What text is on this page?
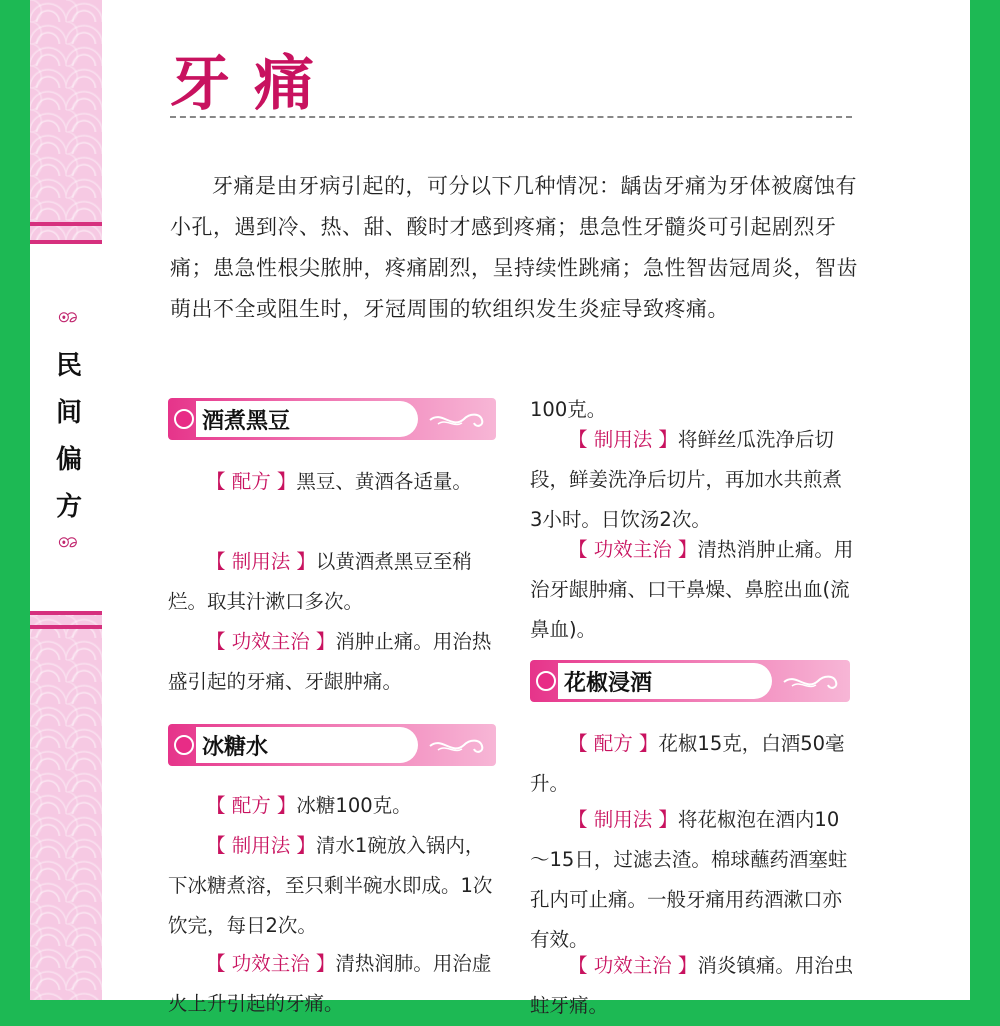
ꩨ
民间偏方
ꩨ
牙痛
牙痛是由牙病引起的，可分以下几种情况：龋齿牙痛为牙体被腐蚀有小孔，遇到冷、热、甜、酸时才感到疼痛；患急性牙髓炎可引起剧烈牙痛；患急性根尖脓肿，疼痛剧烈，呈持续性跳痛；急性智齿冠周炎，智齿萌出不全或阻生时，牙冠周围的软组织发生炎症导致疼痛。
酒煮黑豆
【 配方 】黑豆、黄酒各适量。
【 制用法 】以黄酒煮黑豆至稍烂。取其汁漱口多次。
【 功效主治 】消肿止痛。用治热盛引起的牙痛、牙龈肿痛。
冰糖水
【 配方 】冰糖100克。
【 制用法 】清水1碗放入锅内，下冰糖煮溶，至只剩半碗水即成。1次饮完，每日2次。
【 功效主治 】清热润肺。用治虚火上升引起的牙痛。
100克。
【 制用法 】将鲜丝瓜洗净后切段，鲜姜洗净后切片，再加水共煎煮3小时。日饮汤2次。
【 功效主治 】清热消肿止痛。用治牙龈肿痛、口干鼻燥、鼻腔出血(流鼻血)。
花椒浸酒
【 配方 】花椒15克，白酒50毫升。
【 制用法 】将花椒泡在酒内10～15日，过滤去渣。棉球蘸药酒塞蛀孔内可止痛。一般牙痛用药酒漱口亦有效。
【 功效主治 】消炎镇痛。用治虫蛀牙痛。
